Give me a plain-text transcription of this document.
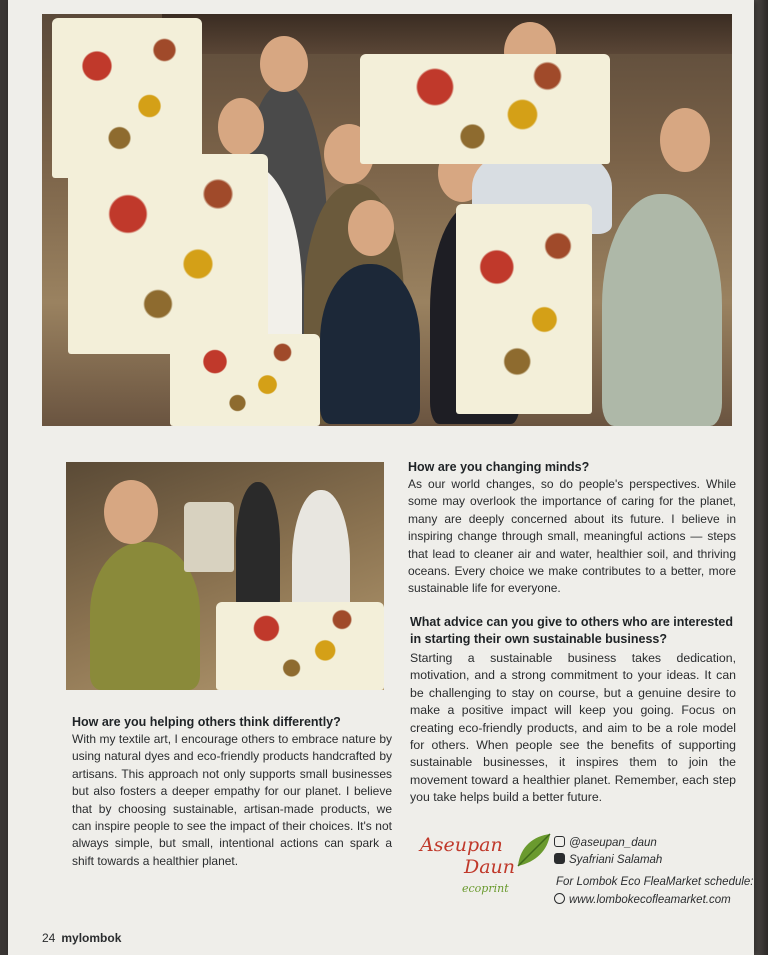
How are you changing minds?
As our world changes, so do people's perspectives. While some may overlook the importance of caring for the planet, many are deeply concerned about its future. I believe in inspiring change through small, meaningful actions — steps that lead to cleaner air and water, healthier soil, and thriving oceans. Every choice we make contributes to a better, more sustainable life for everyone.
What advice can you give to others who are interested in starting their own sustainable business?
Starting a sustainable business takes dedication, motivation, and a strong commitment to your ideas. It can be challenging to stay on course, but a genuine desire to make a positive impact will keep you going. Focus on creating eco-friendly products, and aim to be a role model for others. When people see the benefits of supporting sustainable businesses, it inspires them to join the movement toward a healthier planet. Remember, each step you take helps build a better future.
How are you helping others think differently?
With my textile art, I encourage others to embrace nature by using natural dyes and eco-friendly products handcrafted by artisans. This approach not only supports small businesses but also fosters a deeper empathy for our planet. I believe that by choosing sustainable, artisan-made products, we can inspire people to see the impact of their choices. It's not always simple, but small, intentional actions can spark a shift towards a healthier planet.
Aseupan
Daun
ecoprint
@aseupan_daun
Syafriani Salamah
For Lombok Eco FleaMarket schedule:
www.lombokecofleamarket.com
24 mylombok
